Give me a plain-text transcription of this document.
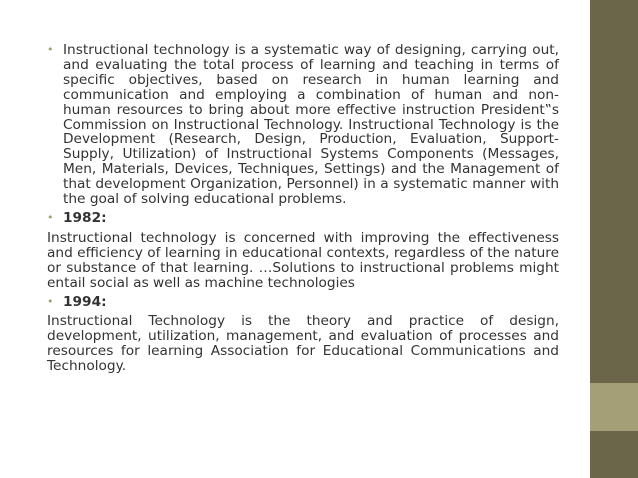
• Instructional technology is a systematic way of designing, carrying out, and evaluating the total process of learning and teaching in terms of specific objectives, based on research in human learning and communication and employing a combination of human and non-human resources to bring about more effective instruction President‟s Commission on Instructional Technology. Instructional Technology is the Development (Research, Design, Production, Evaluation, Support-Supply, Utilization) of Instructional Systems Components (Messages, Men, Materials, Devices, Techniques, Settings) and the Management of that development Organization, Personnel) in a systematic manner with the goal of solving educational problems.
• 1982:

Instructional technology is concerned with improving the effectiveness and efficiency of learning in educational contexts, regardless of the nature or substance of that learning. …Solutions to instructional problems might entail social as well as machine technologies

• 1994:

Instructional Technology is the theory and practice of design, development, utilization, management, and evaluation of processes and resources for learning Association for Educational Communications and Technology.
